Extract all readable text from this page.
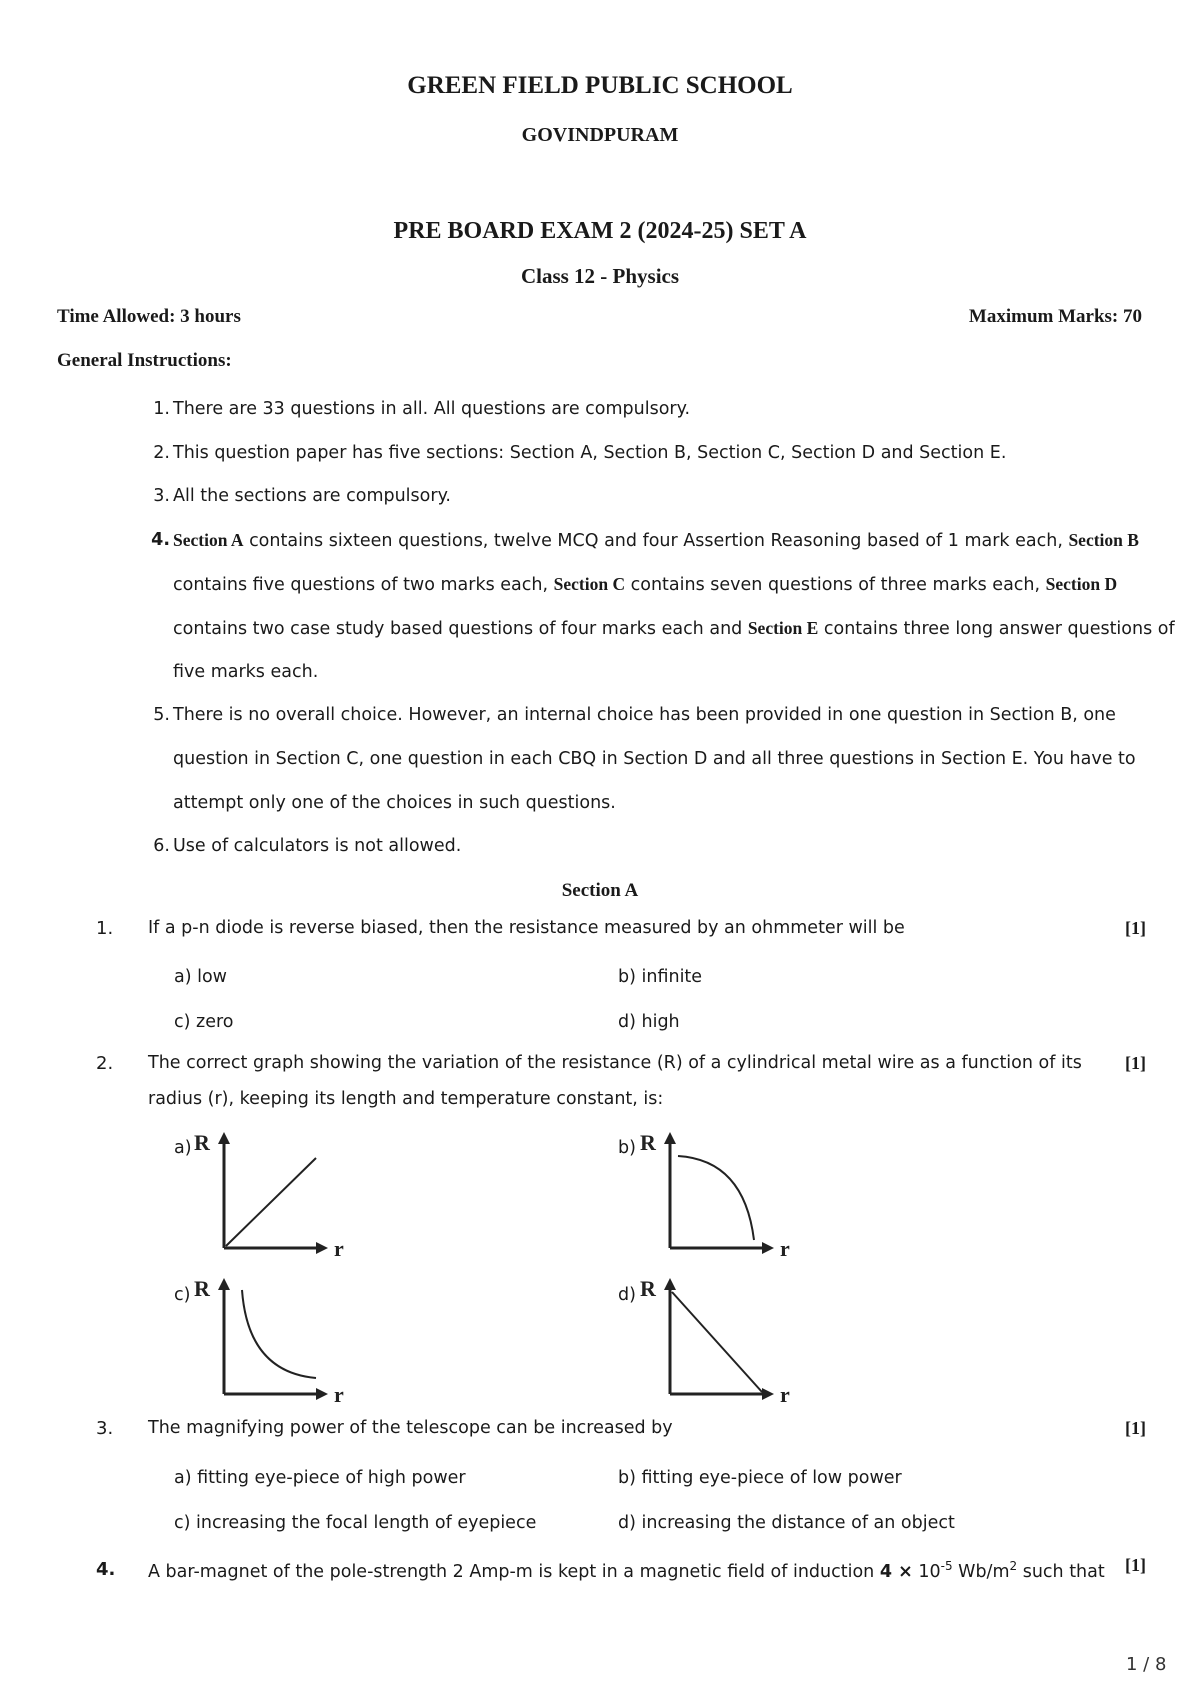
GREEN FIELD PUBLIC SCHOOL
GOVINDPURAM
PRE BOARD EXAM 2 (2024-25) SET A
Class 12 - Physics
Time Allowed: 3 hours	Maximum Marks: 70
General Instructions:
1. There are 33 questions in all. All questions are compulsory.
2. This question paper has five sections: Section A, Section B, Section C, Section D and Section E.
3. All the sections are compulsory.
4. Section A contains sixteen questions, twelve MCQ and four Assertion Reasoning based of 1 mark each, Section B
contains five questions of two marks each, Section C contains seven questions of three marks each, Section D
contains two case study based questions of four marks each and Section E contains three long answer questions of
five marks each.
5. There is no overall choice. However, an internal choice has been provided in one question in Section B, one
question in Section C, one question in each CBQ in Section D and all three questions in Section E. You have to
attempt only one of the choices in such questions.
6. Use of calculators is not allowed.
Section A
1. If a p-n diode is reverse biased, then the resistance measured by an ohmmeter will be	[1]
a) low	b) infinite
c) zero	d) high
2. The correct graph showing the variation of the resistance (R) of a cylindrical metal wire as a function of its
radius (r), keeping its length and temperature constant, is:
[1]
a) R
r
b) R
r
c) R
r
d) R
r
3. The magnifying power of the telescope can be increased by	[1]
a) fitting eye-piece of high power	b) fitting eye-piece of low power
c) increasing the focal length of eyepiece	d) increasing the distance of an object
4. A bar-magnet of the pole-strength 2 Amp-m is kept in a magnetic field of induction $4 \times 10^{-5}$ $Wb/m^2$ such that [1]
1 / 8
